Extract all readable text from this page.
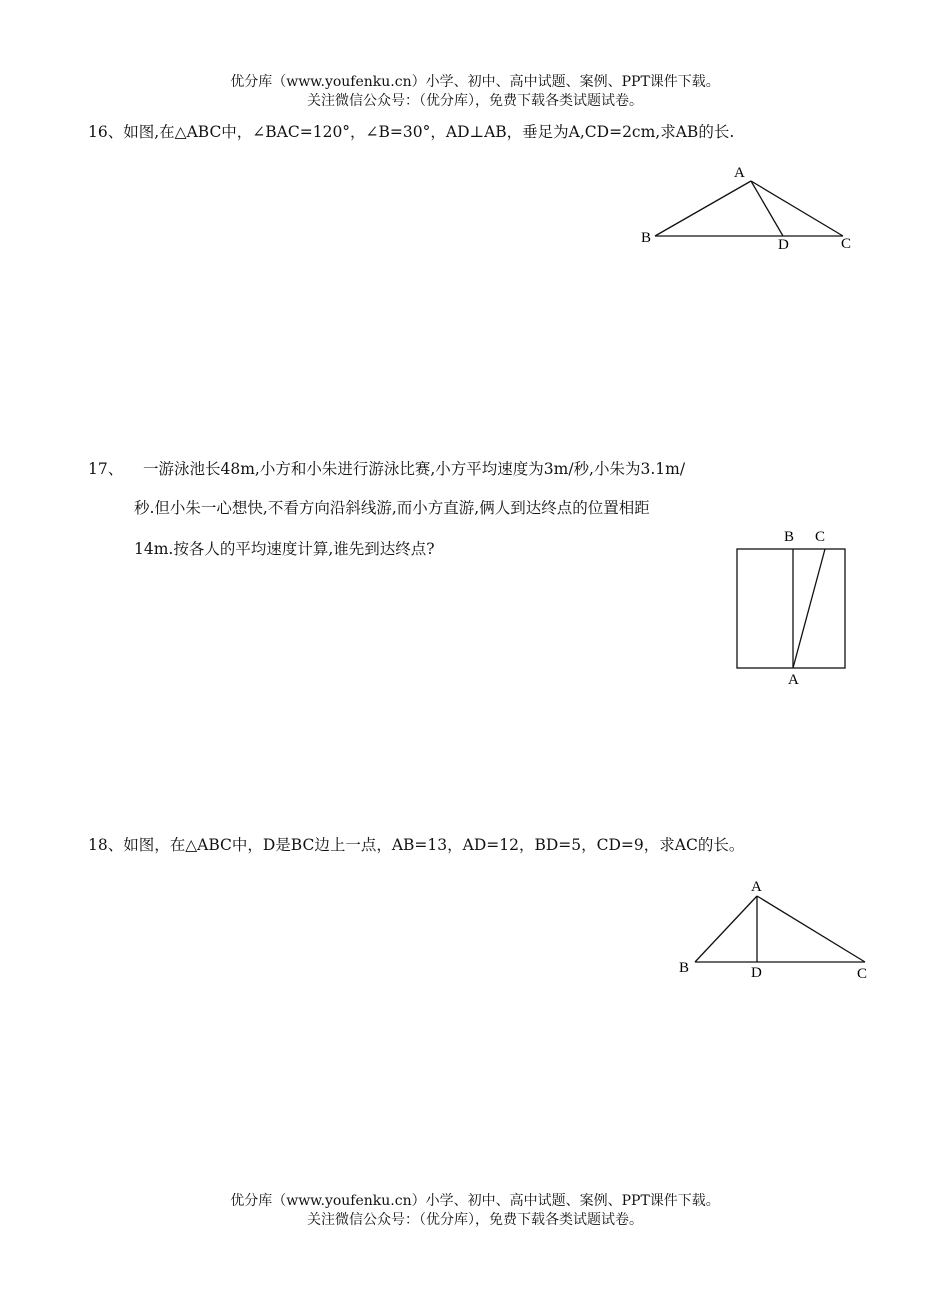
优分库（www.youfenku.cn）小学、初中、高中试题、案例、PPT课件下载。
关注微信公众号：（优分库），免费下载各类试题试卷。
16、如图,在△ABC中，∠BAC=120°，∠B=30°，AD⊥AB，垂足为A,CD=2cm,求AB的长.
A
B	C
D
17、 一游泳池长48m,小方和小朱进行游泳比赛,小方平均速度为3m/秒,小朱为3.1m/
秒.但小朱一心想快,不看方向沿斜线游,而小方直游,俩人到达终点的位置相距
14m.按各人的平均速度计算,谁先到达终点?
B C
A
18、如图，在△ABC中，D是BC边上一点，AB=13，AD=12，BD=5，CD=9，求AC的长。
A
B	C
D
优分库（www.youfenku.cn）小学、初中、高中试题、案例、PPT课件下载。
关注微信公众号：（优分库），免费下载各类试题试卷。
